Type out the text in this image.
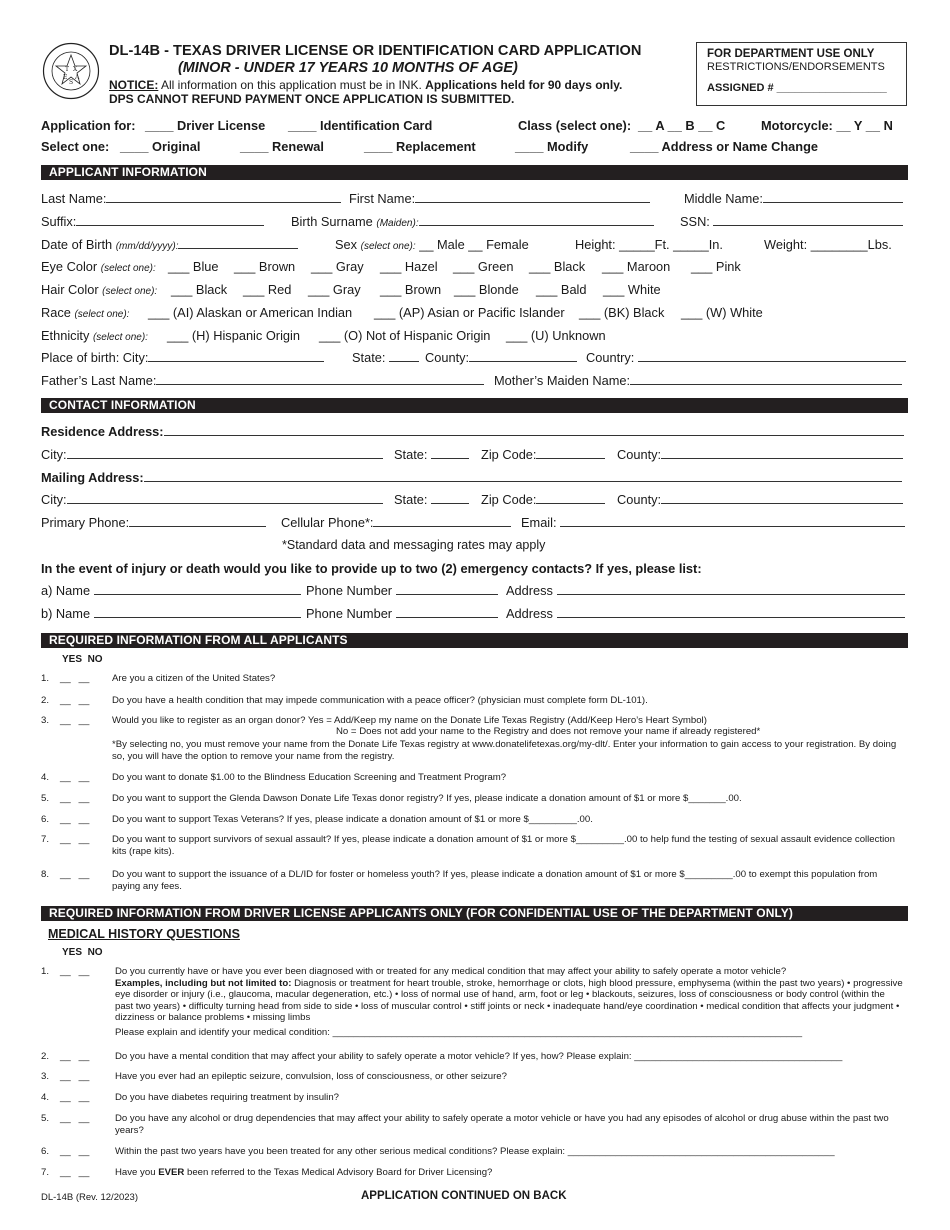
T X
E A
S
DL-14B - TEXAS DRIVER LICENSE OR IDENTIFICATION CARD APPLICATION
(MINOR - UNDER 17 YEARS 10 MONTHS OF AGE)
NOTICE: All information on this application must be in INK. Applications held for 90 days only.
DPS CANNOT REFUND PAYMENT ONCE APPLICATION IS SUBMITTED.
FOR DEPARTMENT USE ONLY
RESTRICTIONS/ENDORSEMENTS
ASSIGNED # __________________
Application for: ____ Driver License ____ Identification Card	Class (select one): __ A __ B __ C	Motorcycle: __ Y __ N
Select one: ____ Original	____ Renewal	____ Replacement	____ Modify	____ Address or Name Change
APPLICANT INFORMATION
Last Name:	First Name:	Middle Name:
Suffix:	Birth Surname (Maiden):	SSN:
Date of Birth (mm/dd/yyyy):	Sex (select one): __ Male __ Female	Height: _____Ft. _____In.	Weight: ________Lbs.
Eye Color (select one): ___ Blue ___ Brown ___ Gray ___ Hazel ___ Green ___ Black ___ Maroon ___ Pink
Hair Color (select one): ___ Black ___ Red ___ Gray ___ Brown ___ Blonde ___ Bald ___ White
Race (select one): ___ (AI) Alaskan or American Indian ___ (AP) Asian or Pacific Islander ___ (BK) Black ___ (W) White
Ethnicity (select one): ___ (H) Hispanic Origin ___ (O) Not of Hispanic Origin ___ (U) Unknown
Place of birth: City:	State:	County:	Country:
Father’s Last Name:	Mother’s Maiden Name:
CONTACT INFORMATION
Residence Address:
City:	State:	Zip Code:	County:
Mailing Address:
City:	State:	Zip Code:	County:
Primary Phone:	Cellular Phone*:	Email:
*Standard data and messaging rates may apply
In the event of injury or death would you like to provide up to two (2) emergency contacts? If yes, please list:
a) Name	Phone Number	Address
b) Name	Phone Number	Address
REQUIRED INFORMATION FROM ALL APPLICANTS
YES  NO
1. __   __ Are you a citizen of the United States?
2. __   __ Do you have a health condition that may impede communication with a peace officer? (physician must complete form DL-101).
3. __   __ Would you like to register as an organ donor? Yes = Add/Keep my name on the Donate Life Texas Registry (Add/Keep Hero’s Heart Symbol)
No = Does not add your name to the Registry and does not remove your name if already registered*
*By selecting no, you must remove your name from the Donate Life Texas registry at www.donatelifetexas.org/my-dlt/. Enter your information to gain access to your registration. By doing so, you will have the option to remove your name from the registry.
4. __   __ Do you want to donate $1.00 to the Blindness Education Screening and Treatment Program?
5. __   __ Do you want to support the Glenda Dawson Donate Life Texas donor registry? If yes, please indicate a donation amount of $1 or more $_______.00.
6. __   __ Do you want to support Texas Veterans? If yes, please indicate a donation amount of $1 or more $_________.00.
7. __   __ Do you want to support survivors of sexual assault? If yes, please indicate a donation amount of $1 or more $_________.00 to help fund the testing of sexual assault evidence collection kits (rape kits).
8. __   __ Do you want to support the issuance of a DL/ID for foster or homeless youth? If yes, please indicate a donation amount of $1 or more $_________.00 to exempt this population from paying any fees.
REQUIRED INFORMATION FROM DRIVER LICENSE APPLICANTS ONLY (FOR CONFIDENTIAL USE OF THE DEPARTMENT ONLY)
MEDICAL HISTORY QUESTIONS
YES  NO
1. __   __	Do you currently have or have you ever been diagnosed with or treated for any medical condition that may affect your ability to safely operate a motor vehicle?
Examples, including but not limited to: Diagnosis or treatment for heart trouble, stroke, hemorrhage or clots, high blood pressure, emphysema (within the past two years) • progressive eye disorder or injury (i.e., glaucoma, macular degeneration, etc.) • loss of normal use of hand, arm, foot or leg • blackouts, seizures, loss of consciousness or body control (within the past two years) • difficulty turning head from side to side • loss of muscular control • stiff joints or neck • inadequate hand/eye coordination • medical condition that affects your judgment • dizziness or balance problems • missing limbs
Please explain and identify your medical condition: ________________________________________________________________________________________
2. __   __	Do you have a mental condition that may affect your ability to safely operate a motor vehicle? If yes, how? Please explain: _______________________________________
3. __   __	Have you ever had an epileptic seizure, convulsion, loss of consciousness, or other seizure?
4. __   __	Do you have diabetes requiring treatment by insulin?
5. __   __	Do you have any alcohol or drug dependencies that may affect your ability to safely operate a motor vehicle or have you had any episodes of alcohol or drug abuse within the past two years?
6. __   __	Within the past two years have you been treated for any other serious medical conditions? Please explain: __________________________________________________
7. __   __	Have you EVER been referred to the Texas Medical Advisory Board for Driver Licensing?
DL-14B (Rev. 12/2023)	APPLICATION CONTINUED ON BACK
